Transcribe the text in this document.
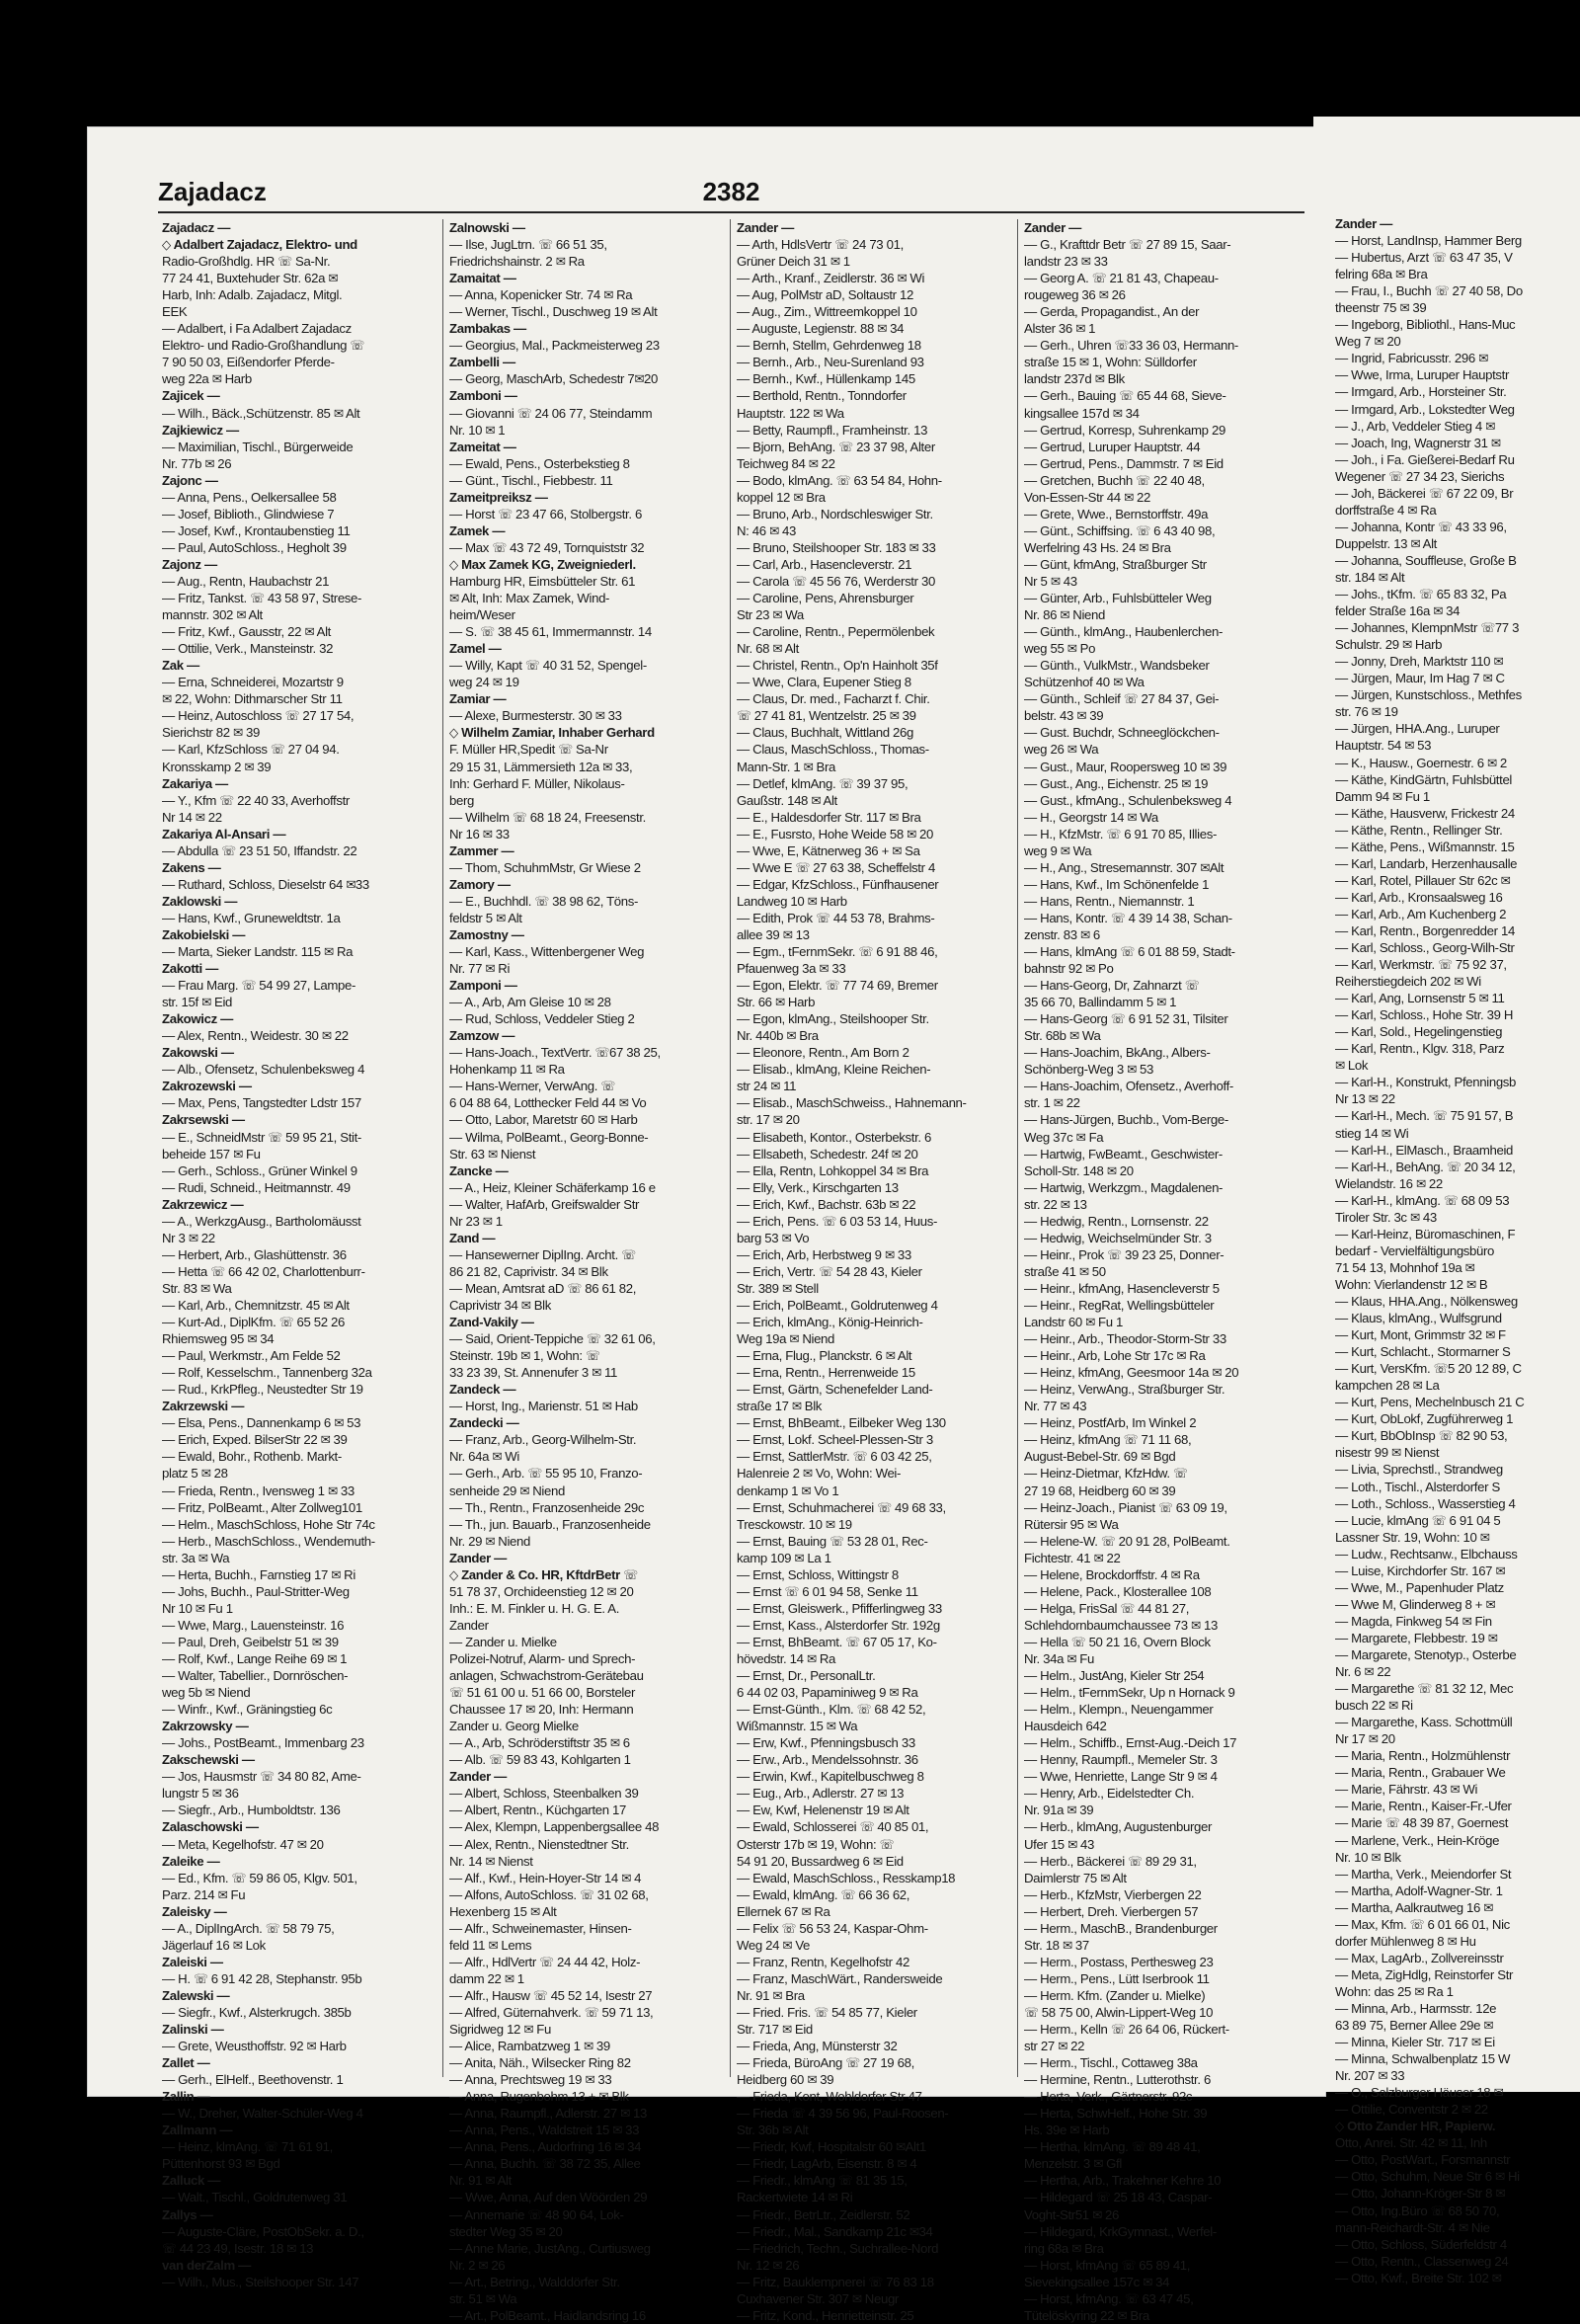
Zajadacz	2382
Zajadacz —
◇ Adalbert Zajadacz, Elektro- und
Radio-Großhdlg. HR ☏ Sa-Nr.
77 24 41, Buxtehuder Str. 62a ✉
Harb, Inh: Adalb. Zajadacz, Mitgl.
EEK
— Adalbert, i Fa Adalbert Zajadacz
Elektro- und Radio-Großhandlung ☏
7 90 50 03, Eißendorfer Pferde-
weg 22a ✉ Harb
Zajicek —
— Wilh., Bäck.,Schützenstr. 85 ✉ Alt
Zajkiewicz —
— Maximilian, Tischl., Bürgerweide
Nr. 77b ✉ 26
Zajonc —
— Anna, Pens., Oelkersallee 58
— Josef, Biblioth., Glindwiese 7
— Josef, Kwf., Krontaubenstieg 11
— Paul, AutoSchloss., Hegholt 39
Zajonz —
— Aug., Rentn, Haubachstr 21
— Fritz, Tankst. ☏ 43 58 97, Strese-
mannstr. 302 ✉ Alt
— Fritz, Kwf., Gausstr, 22 ✉ Alt
— Ottilie, Verk., Mansteinstr. 32
Zak —
— Erna, Schneiderei, Mozartstr 9
✉ 22, Wohn: Dithmarscher Str 11
— Heinz, Autoschloss ☏ 27 17 54,
Sierichstr 82 ✉ 39
— Karl, KfzSchloss ☏ 27 04 94.
Kronsskamp 2 ✉ 39
Zakariya —
— Y., Kfm ☏ 22 40 33, Averhoffstr
Nr 14 ✉ 22
Zakariya Al-Ansari —
— Abdulla ☏ 23 51 50, Iffandstr. 22
Zakens —
— Ruthard, Schloss, Dieselstr 64 ✉33
Zaklowski —
— Hans, Kwf., Gruneweldtstr. 1a
Zakobielski —
— Marta, Sieker Landstr. 115 ✉ Ra
Zakotti —
— Frau Marg. ☏ 54 99 27, Lampe-
str. 15f ✉ Eid
Zakowicz —
— Alex, Rentn., Weidestr. 30 ✉ 22
Zakowski —
— Alb., Ofensetz, Schulenbeksweg 4
Zakrozewski —
— Max, Pens, Tangstedter Ldstr 157
Zakrsewski —
— E., SchneidMstr ☏ 59 95 21, Stit-
beheide 157 ✉ Fu
— Gerh., Schloss., Grüner Winkel 9
— Rudi, Schneid., Heitmannstr. 49
Zakrzewicz —
— A., WerkzgAusg., Bartholomäusst
Nr 3 ✉ 22
— Herbert, Arb., Glashüttenstr. 36
— Hetta ☏ 66 42 02, Charlottenburr-
Str. 83 ✉ Wa
— Karl, Arb., Chemnitzstr. 45 ✉ Alt
— Kurt-Ad., DiplKfm. ☏ 65 52 26
Rhiemsweg 95 ✉ 34
— Paul, Werkmstr., Am Felde 52
— Rolf, Kesselschm., Tannenberg 32a
— Rud., KrkPfleg., Neustedter Str 19
Zakrzewski —
— Elsa, Pens., Dannenkamp 6 ✉ 53
— Erich, Exped. BilserStr 22 ✉ 39
— Ewald, Bohr., Rothenb. Markt-
platz 5 ✉ 28
— Frieda, Rentn., Ivensweg 1 ✉ 33
— Fritz, PolBeamt., Alter Zollweg101
— Helm., MaschSchloss, Hohe Str 74c
— Herb., MaschSchloss., Wendemuth-
str. 3a ✉ Wa
— Herta, Buchh., Farnstieg 17 ✉ Ri
— Johs, Buchh., Paul-Stritter-Weg
Nr 10 ✉ Fu 1
— Wwe, Marg., Lauensteinstr. 16
— Paul, Dreh, Geibelstr 51 ✉ 39
— Rolf, Kwf., Lange Reihe 69 ✉ 1
— Walter, Tabellier., Dornröschen-
weg 5b ✉ Niend
— Winfr., Kwf., Gräningstieg 6c
Zakrzowsky —
— Johs., PostBeamt., Immenbarg 23
Zakschewski —
— Jos, Hausmstr ☏ 34 80 82, Ame-
lungstr 5 ✉ 36
— Siegfr., Arb., Humboldtstr. 136
Zalaschowski —
— Meta, Kegelhofstr. 47 ✉ 20
Zaleike —
— Ed., Kfm. ☏ 59 86 05, Klgv. 501,
Parz. 214 ✉ Fu
Zaleisky —
— A., DiplIngArch. ☏ 58 79 75,
Jägerlauf 16 ✉ Lok
Zaleiski —
— H. ☏ 6 91 42 28, Stephanstr. 95b
Zalewski —
— Siegfr., Kwf., Alsterkrugch. 385b
Zalinski —
— Grete, Weusthoffstr. 92 ✉ Harb
Zallet —
— Gerh., ElHelf., Beethovenstr. 1
Zallin —
— W., Dreher, Walter-Schüler-Weg 4
Zallmann —
— Heinz, klmAng. ☏ 71 61 91,
Püttenhorst 93 ✉ Bgd
Zalluck —
— Walt., Tischl., Goldrutenweg 31
Zallys —
— Auguste-Cläre, PostObSekr. a. D.,
☏ 44 23 49, Isestr. 18 ✉ 13
van derZalm —
— Wilh., Mus., Steilshooper Str. 147
Zalnowski —
— Ilse, JugLtrn. ☏ 66 51 35,
Friedrichshainstr. 2 ✉ Ra
Zamaitat —
— Anna, Kopenicker Str. 74 ✉ Ra
— Werner, Tischl., Duschweg 19 ✉ Alt
Zambakas —
— Georgius, Mal., Packmeisterweg 23
Zambelli —
— Georg, MaschArb, Schedestr 7✉20
Zamboni —
— Giovanni ☏ 24 06 77, Steindamm
Nr. 10 ✉ 1
Zameitat —
— Ewald, Pens., Osterbekstieg 8
— Günt., Tischl., Fiebbestr. 11
Zameitpreiksz —
— Horst ☏ 23 47 66, Stolbergstr. 6
Zamek —
— Max ☏ 43 72 49, Tornquiststr 32
◇ Max Zamek KG, Zweigniederl.
Hamburg HR, Eimsbütteler Str. 61
✉ Alt, Inh: Max Zamek, Wind-
heim/Weser
— S. ☏ 38 45 61, Immermannstr. 14
Zamel —
— Willy, Kapt ☏ 40 31 52, Spengel-
weg 24 ✉ 19
Zamiar —
— Alexe, Burmesterstr. 30 ✉ 33
◇ Wilhelm Zamiar, Inhaber Gerhard
F. Müller HR,Spedit ☏ Sa-Nr
29 15 31, Lämmersieth 12a ✉ 33,
Inh: Gerhard F. Müller, Nikolaus-
berg
— Wilhelm ☏ 68 18 24, Freesenstr.
Nr 16 ✉ 33
Zammer —
— Thom, SchuhmMstr, Gr Wiese 2
Zamory —
— E., Buchhdl. ☏ 38 98 62, Töns-
feldstr 5 ✉ Alt
Zamostny —
— Karl, Kass., Wittenbergener Weg
Nr. 77 ✉ Ri
Zamponi —
— A., Arb, Am Gleise 10 ✉ 28
— Rud, Schloss, Veddeler Stieg 2
Zamzow —
— Hans-Joach., TextVertr. ☏67 38 25,
Hohenkamp 11 ✉ Ra
— Hans-Werner, VerwAng. ☏
6 04 88 64, Lotthecker Feld 44 ✉ Vo
— Otto, Labor, Maretstr 60 ✉ Harb
— Wilma, PolBeamt., Georg-Bonne-
Str. 63 ✉ Nienst
Zancke —
— A., Heiz, Kleiner Schäferkamp 16 e
— Walter, HafArb, Greifswalder Str
Nr 23 ✉ 1
Zand —
— Hansewerner DiplIng. Archt. ☏
86 21 82, Caprivistr. 34 ✉ Blk
— Mean, Amtsrat aD ☏ 86 61 82,
Caprivistr 34 ✉ Blk
Zand-Vakily —
— Said, Orient-Teppiche ☏ 32 61 06,
Steinstr. 19b ✉ 1, Wohn: ☏
33 23 39, St. Annenufer 3 ✉ 11
Zandeck —
— Horst, Ing., Marienstr. 51 ✉ Hab
Zandecki —
— Franz, Arb., Georg-Wilhelm-Str.
Nr. 64a ✉ Wi
— Gerh., Arb. ☏ 55 95 10, Franzo-
senheide 29 ✉ Niend
— Th., Rentn., Franzosenheide 29c
— Th., jun. Bauarb., Franzosenheide
Nr. 29 ✉ Niend
Zander —
◇ Zander & Co. HR, KftdrBetr ☏
51 78 37, Orchideenstieg 12 ✉ 20
Inh.: E. M. Finkler u. H. G. E. A.
Zander
— Zander u. Mielke
Polizei-Notruf, Alarm- und Sprech-
anlagen, Schwachstrom-Gerätebau
☏ 51 61 00 u. 51 66 00, Borsteler
Chaussee 17 ✉ 20, Inh: Hermann
Zander u. Georg Mielke
— A., Arb, Schröderstiftstr 35 ✉ 6
— Alb. ☏ 59 83 43, Kohlgarten 1
Zander —
— Albert, Schloss, Steenbalken 39
— Albert, Rentn., Küchgarten 17
— Alex, Klempn, Lappenbergsallee 48
— Alex, Rentn., Nienstedtner Str.
Nr. 14 ✉ Nienst
— Alf., Kwf., Hein-Hoyer-Str 14 ✉ 4
— Alfons, AutoSchloss. ☏ 31 02 68,
Hexenberg 15 ✉ Alt
— Alfr., Schweinemaster, Hinsen-
feld 11 ✉ Lems
— Alfr., HdlVertr ☏ 24 44 42, Holz-
damm 22 ✉ 1
— Alfr., Hausw ☏ 45 52 14, Isestr 27
— Alfred, Güternahverk. ☏ 59 71 13,
Sigridweg 12 ✉ Fu
— Alice, Rambatzweg 1 ✉ 39
— Anita, Näh., Wilsecker Ring 82
— Anna, Prechtsweg 19 ✉ 33
— Anna, Rugenbohm 13 + ✉ Blk
— Anna, Raumpfl., Adlerstr. 27 ✉ 13
— Anna, Pens., Waldstreit 15 ✉ 33
— Anna, Pens., Audorfring 16 ✉ 34
— Anna, Buchh. ☏ 38 72 35, Allee
Nr. 91 ✉ Alt
— Wwe, Anna, Auf den Wöörden 29
— Annemarie ☏ 48 90 64, Lok-
stedter Weg 35 ✉ 20
— Anne Marie, JustAng., Curtiusweg
Nr. 2 ✉ 26
— Art., Betring., Walddörfer Str.
str. 51 ✉ Wa
— Art., PolBeamt., Haidlandsring 16
Zander —
— Arth, HdlsVertr ☏ 24 73 01,
Grüner Deich 31 ✉ 1
— Arth., Kranf., Zeidlerstr. 36 ✉ Wi
— Aug, PolMstr aD, Soltaustr 12
— Aug., Zim., Wittreemkoppel 10
— Auguste, Legienstr. 88 ✉ 34
— Bernh, Stellm, Gehrdenweg 18
— Bernh., Arb., Neu-Surenland 93
— Bernh., Kwf., Hüllenkamp 145
— Berthold, Rentn., Tonndorfer
Hauptstr. 122 ✉ Wa
— Betty, Raumpfl., Framheinstr. 13
— Bjorn, BehAng. ☏ 23 37 98, Alter
Teichweg 84 ✉ 22
— Bodo, klmAng. ☏ 63 54 84, Hohn-
koppel 12 ✉ Bra
— Bruno, Arb., Nordschleswiger Str.
N: 46 ✉ 43
— Bruno, Steilshooper Str. 183 ✉ 33
— Carl, Arb., Hasencleverstr. 21
— Carola ☏ 45 56 76, Werderstr 30
— Caroline, Pens, Ahrensburger
Str 23 ✉ Wa
— Caroline, Rentn., Pepermölenbek
Nr. 68 ✉ Alt
— Christel, Rentn., Op'n Hainholt 35f
— Wwe, Clara, Eupener Stieg 8
— Claus, Dr. med., Facharzt f. Chir.
☏ 27 41 81, Wentzelstr. 25 ✉ 39
— Claus, Buchhalt, Wittland 26g
— Claus, MaschSchloss., Thomas-
Mann-Str. 1 ✉ Bra
— Detlef, klmAng. ☏ 39 37 95,
Gaußstr. 148 ✉ Alt
— E., Haldesdorfer Str. 117 ✉ Bra
— E., Fusrsto, Hohe Weide 58 ✉ 20
— Wwe, E, Kätnerweg 36 + ✉ Sa
— Wwe E ☏ 27 63 38, Scheffelstr 4
— Edgar, KfzSchloss., Fünfhausener
Landweg 10 ✉ Harb
— Edith, Prok ☏ 44 53 78, Brahms-
allee 39 ✉ 13
— Egm., tFernmSekr. ☏ 6 91 88 46,
Pfauenweg 3a ✉ 33
— Egon, Elektr. ☏ 77 74 69, Bremer
Str. 66 ✉ Harb
— Egon, klmAng., Steilshooper Str.
Nr. 440b ✉ Bra
— Eleonore, Rentn., Am Born 2
— Elisab., klmAng, Kleine Reichen-
str 24 ✉ 11
— Elisab., MaschSchweiss., Hahnemann-
str. 17 ✉ 20
— Elisabeth, Kontor., Osterbekstr. 6
— Ellsabeth, Schedestr. 24f ✉ 20
— Ella, Rentn, Lohkoppel 34 ✉ Bra
— Elly, Verk., Kirschgarten 13
— Erich, Kwf., Bachstr. 63b ✉ 22
— Erich, Pens. ☏ 6 03 53 14, Huus-
barg 53 ✉ Vo
— Erich, Arb, Herbstweg 9 ✉ 33
— Erich, Vertr. ☏ 54 28 43, Kieler
Str. 389 ✉ Stell
— Erich, PolBeamt., Goldrutenweg 4
— Erich, klmAng., König-Heinrich-
Weg 19a ✉ Niend
— Erna, Flug., Planckstr. 6 ✉ Alt
— Erna, Rentn., Herrenweide 15
— Ernst, Gärtn, Schenefelder Land-
straße 17 ✉ Blk
— Ernst, BhBeamt., Eilbeker Weg 130
— Ernst, Lokf. Scheel-Plessen-Str 3
— Ernst, SattlerMstr. ☏ 6 03 42 25,
Halenreie 2 ✉ Vo, Wohn: Wei-
denkamp 1 ✉ Vo 1
— Ernst, Schuhmacherei ☏ 49 68 33,
Tresckowstr. 10 ✉ 19
— Ernst, Bauing ☏ 53 28 01, Rec-
kamp 109 ✉ La 1
— Ernst, Schloss, Wittingstr 8
— Ernst ☏ 6 01 94 58, Senke 11
— Ernst, Gleiswerk., Pfifferlingweg 33
— Ernst, Kass., Alsterdorfer Str. 192g
— Ernst, BhBeamt. ☏ 67 05 17, Ko-
hövedstr. 14 ✉ Ra
— Ernst, Dr., PersonalLtr.
6 44 02 03, Papaminiweg 9 ✉ Ra
— Ernst-Günth., Klm. ☏ 68 42 52,
Wißmannstr. 15 ✉ Wa
— Erw, Kwf., Pfenningsbusch 33
— Erw., Arb., Mendelssohnstr. 36
— Erwin, Kwf., Kapitelbuschweg 8
— Eug., Arb., Adlerstr. 27 ✉ 13
— Ew, Kwf, Helenenstr 19 ✉ Alt
— Ewald, Schlosserei ☏ 40 85 01,
Osterstr 17b ✉ 19, Wohn: ☏
54 91 20, Bussardweg 6 ✉ Eid
— Ewald, MaschSchloss., Resskamp18
— Ewald, klmAng. ☏ 66 36 62,
Ellernek 67 ✉ Ra
— Felix ☏ 56 53 24, Kaspar-Ohm-
Weg 24 ✉ Ve
— Franz, Rentn, Kegelhofstr 42
— Franz, MaschWärt., Randersweide
Nr. 91 ✉ Bra
— Fried. Fris. ☏ 54 85 77, Kieler
Str. 717 ✉ Eid
— Frieda, Ang, Münsterstr 32
— Frieda, BüroAng ☏ 27 19 68,
Heidberg 60 ✉ 39
— Frieda, Kont, Wohldorfer Str 47
— Frieda ☏ 4 39 56 96, Paul-Roosen-
Str. 36b ✉ Alt
— Friedr, Kwf, Hospitalstr 60 ✉Alt1
— Friedr, LagArb, Eisenstr. 8 ✉ 4
— Friedr., klmAng ☏ 81 35 15,
Rackertwiete 14 ✉ Ri
— Friedr., BetrLtr., Zeidlerstr. 52
— Friedr., Mal., Sandkamp 21c ✉34
— Friedrich, Techn., Suchrallee-Nord
Nr. 12 ✉ 26
— Fritz, Bauklempnerei ☏ 76 83 18
Cuxhavener Str. 307 ✉ Neugr
— Fritz, Kond., Henrietteinstr. 25
Zander —
— G., Krafttdr Betr ☏ 27 89 15, Saar-
landstr 23 ✉ 33
— Georg A. ☏ 21 81 43, Chapeau-
rougeweg 36 ✉ 26
— Gerda, Propagandist., An der
Alster 36 ✉ 1
— Gerh., Uhren ☏33 36 03, Hermann-
straße 15 ✉ 1, Wohn: Sülldorfer
landstr 237d ✉ Blk
— Gerh., Bauing ☏ 65 44 68, Sieve-
kingsallee 157d ✉ 34
— Gertrud, Korresp, Suhrenkamp 29
— Gertrud, Luruper Hauptstr. 44
— Gertrud, Pens., Dammstr. 7 ✉ Eid
— Gretchen, Buchh ☏ 22 40 48,
Von-Essen-Str 44 ✉ 22
— Grete, Wwe., Bernstorffstr. 49a
— Günt., Schiffsing. ☏ 6 43 40 98,
Werfelring 43 Hs. 24 ✉ Bra
— Günt, kfmAng, Straßburger Str
Nr 5 ✉ 43
— Günter, Arb., Fuhlsbütteler Weg
Nr. 86 ✉ Niend
— Günth., klmAng., Haubenlerchen-
weg 55 ✉ Po
— Günth., VulkMstr., Wandsbeker
Schützenhof 40 ✉ Wa
— Günth., Schleif ☏ 27 84 37, Gei-
belstr. 43 ✉ 39
— Gust. Buchdr, Schneeglöckchen-
weg 26 ✉ Wa
— Gust., Maur, Roopersweg 10 ✉ 39
— Gust., Ang., Eichenstr. 25 ✉ 19
— Gust., kfmAng., Schulenbeksweg 4
— H., Georgstr 14 ✉ Wa
— H., KfzMstr. ☏ 6 91 70 85, Illies-
weg 9 ✉ Wa
— H., Ang., Stresemannstr. 307 ✉Alt
— Hans, Kwf., Im Schönenfelde 1
— Hans, Rentn., Niemannstr. 1
— Hans, Kontr. ☏ 4 39 14 38, Schan-
zenstr. 83 ✉ 6
— Hans, klmAng ☏ 6 01 88 59, Stadt-
bahnstr 92 ✉ Po
— Hans-Georg, Dr, Zahnarzt ☏
35 66 70, Ballindamm 5 ✉ 1
— Hans-Georg ☏ 6 91 52 31, Tilsiter
Str. 68b ✉ Wa
— Hans-Joachim, BkAng., Albers-
Schönberg-Weg 3 ✉ 53
— Hans-Joachim, Ofensetz., Averhoff-
str. 1 ✉ 22
— Hans-Jürgen, Buchb., Vom-Berge-
Weg 37c ✉ Fa
— Hartwig, FwBeamt., Geschwister-
Scholl-Str. 148 ✉ 20
— Hartwig, Werkzgm., Magdalenen-
str. 22 ✉ 13
— Hedwig, Rentn., Lornsenstr. 22
— Hedwig, Weichselmünder Str. 3
— Heinr., Prok ☏ 39 23 25, Donner-
straße 41 ✉ 50
— Heinr., kfmAng, Hasencleverstr 5
— Heinr., RegRat, Wellingsbütteler
Landstr 60 ✉ Fu 1
— Heinr., Arb., Theodor-Storm-Str 33
— Heinr., Arb, Lohe Str 17c ✉ Ra
— Heinz, kfmAng, Geesmoor 14a ✉ 20
— Heinz, VerwAng., Straßburger Str.
Nr. 77 ✉ 43
— Heinz, PostfArb, Im Winkel 2
— Heinz, kfmAng ☏ 71 11 68,
August-Bebel-Str. 69 ✉ Bgd
— Heinz-Dietmar, KfzHdw. ☏
27 19 68, Heidberg 60 ✉ 39
— Heinz-Joach., Pianist ☏ 63 09 19,
Rütersir 95 ✉ Wa
— Helene-W. ☏ 20 91 28, PolBeamt.
Fichtestr. 41 ✉ 22
— Helene, Brockdorffstr. 4 ✉ Ra
— Helene, Pack., Klosterallee 108
— Helga, FrisSal ☏ 44 81 27,
Schlehdornbaumchaussee 73 ✉ 13
— Hella ☏ 50 21 16, Overn Block
Nr. 34a ✉ Fu
— Helm., JustAng, Kieler Str 254
— Helm., tFernmSekr, Up n Hornack 9
— Helm., Klempn., Neuengammer
Hausdeich 642
— Helm., Schiffb., Ernst-Aug.-Deich 17
— Henny, Raumpfl., Memeler Str. 3
— Wwe, Henriette, Lange Str 9 ✉ 4
— Henry, Arb., Eidelstedter Ch.
Nr. 91a ✉ 39
— Herb., klmAng, Augustenburger
Ufer 15 ✉ 43
— Herb., Bäckerei ☏ 89 29 31,
Daimlerstr 75 ✉ Alt
— Herb., KfzMstr, Vierbergen 22
— Herbert, Dreh. Vierbergen 57
— Herm., MaschB., Brandenburger
Str. 18 ✉ 37
— Herm., Postass, Perthesweg 23
— Herm., Pens., Lütt Iserbrook 11
— Herm. Kfm. (Zander u. Mielke)
☏ 58 75 00, Alwin-Lippert-Weg 10
— Herm., Kelln ☏ 26 64 06, Rückert-
str 27 ✉ 22
— Herm., Tischl., Cottaweg 38a
— Hermine, Rentn., Lutterothstr. 6
— Herta, Verk., Gärtnerstr. 92c
— Herta, SchwHelf., Hohe Str. 39
Hs. 39e ✉ Harb
— Hertha, klmAng. ☏ 89 48 41,
Menzelstr. 3 ✉ Gfl
— Hertha, Arb., Trakehner Kehre 10
— Hildegard ☏ 25 18 43, Caspar-
Voght-Str51 ✉ 26
— Hildegard, KrkGymnast., Werfel-
ring 68a ✉ Bra
— Horst, kfmAng ☏ 65 89 41,
Sievekingsallee 157c ✉ 34
— Horst, kfmAng. ☏ 63 47 45,
Tütelöskyring 22 ✉ Bra
Zander —
— Horst, LandInsp, Hammer Berg
— Hubertus, Arzt ☏ 63 47 35, V
felring 68a ✉ Bra
— Frau, I., Buchh ☏ 27 40 58, Do
theenstr 75 ✉ 39
— Ingeborg, Bibliothl., Hans-Muc
Weg 7 ✉ 20
— Ingrid, Fabricusstr. 296 ✉
— Wwe, Irma, Luruper Hauptstr
— Irmgard, Arb., Horsteiner Str.
— Irmgard, Arb., Lokstedter Weg
— J., Arb, Veddeler Stieg 4 ✉
— Joach, Ing, Wagnerstr 31 ✉
— Joh., i Fa. Gießerei-Bedarf Ru
Wegener ☏ 27 34 23, Sierichs
— Joh, Bäckerei ☏ 67 22 09, Br
dorffstraße 4 ✉ Ra
— Johanna, Kontr ☏ 43 33 96,
Duppelstr. 13 ✉ Alt
— Johanna, Souffleuse, Große B
str. 184 ✉ Alt
— Johs., tKfm. ☏ 65 83 32, Pa
felder Straße 16a ✉ 34
— Johannes, KlempnMstr ☏77 3
Schulstr. 29 ✉ Harb
— Jonny, Dreh, Marktstr 110 ✉
— Jürgen, Maur, Im Hag 7 ✉ C
— Jürgen, Kunstschloss., Methfes
str. 76 ✉ 19
— Jürgen, HHA.Ang., Luruper
Hauptstr. 54 ✉ 53
— K., Hausw., Goernestr. 6 ✉ 2
— Käthe, KindGärtn, Fuhlsbüttel
Damm 94 ✉ Fu 1
— Käthe, Hausverw, Frickestr 24
— Käthe, Rentn., Rellinger Str.
— Käthe, Pens., Wißmannstr. 15
— Karl, Landarb, Herzenhausalle
— Karl, Rotel, Pillauer Str 62c ✉
— Karl, Arb., Kronsaalsweg 16
— Karl, Arb., Am Kuchenberg 2
— Karl, Rentn., Borgenredder 14
— Karl, Schloss., Georg-Wilh-Str
— Karl, Werkmstr. ☏ 75 92 37,
Reiherstiegdeich 202 ✉ Wi
— Karl, Ang, Lornsenstr 5 ✉ 11
— Karl, Schloss., Hohe Str. 39 H
— Karl, Sold., Hegelingenstieg
— Karl, Rentn., Klgv. 318, Parz
✉ Lok
— Karl-H., Konstrukt, Pfenningsb
Nr 13 ✉ 22
— Karl-H., Mech. ☏ 75 91 57, B
stieg 14 ✉ Wi
— Karl-H., ElMasch., Braamheid
— Karl-H., BehAng. ☏ 20 34 12,
Wielandstr. 16 ✉ 22
— Karl-H., klmAng. ☏ 68 09 53
Tiroler Str. 3c ✉ 43
— Karl-Heinz, Büromaschinen, F
bedarf - Vervielfältigungsbüro
71 54 13, Mohnhof 19a ✉
Wohn: Vierlandenstr 12 ✉ B
— Klaus, HHA.Ang., Nölkensweg
— Klaus, klmAng., Wulfsgrund
— Kurt, Mont, Grimmstr 32 ✉ F
— Kurt, Schlacht., Stormarner S
— Kurt, VersKfm. ☏5 20 12 89, C
kampchen 28 ✉ La
— Kurt, Pens, Mechelnbusch 21 C
— Kurt, ObLokf, Zugführerweg 1
— Kurt, BbObInsp ☏ 82 90 53,
nisestr 99 ✉ Nienst
— Livia, Sprechstl., Strandweg
— Loth., Tischl., Alsterdorfer S
— Loth., Schloss., Wasserstieg 4
— Lucie, klmAng ☏ 6 91 04 5
Lassner Str. 19, Wohn: 10 ✉
— Ludw., Rechtsanw., Elbchauss
— Luise, Kirchdorfer Str. 167 ✉
— Wwe, M., Papenhuder Platz
— Wwe M, Glinderweg 8 + ✉
— Magda, Finkweg 54 ✉ Fin
— Margarete, Flebbestr. 19 ✉
— Margarete, Stenotyp., Osterbe
Nr. 6 ✉ 22
— Margarethe ☏ 81 32 12, Mec
busch 22 ✉ Ri
— Margarethe, Kass. Schottmüll
Nr 17 ✉ 20
— Maria, Rentn., Holzmühlenstr
— Maria, Rentn., Grabauer We
— Marie, Fährstr. 43 ✉ Wi
— Marie, Rentn., Kaiser-Fr.-Ufer
— Marie ☏ 48 39 87, Goernest
— Marlene, Verk., Hein-Kröge
Nr. 10 ✉ Blk
— Martha, Verk., Meiendorfer St
— Martha, Adolf-Wagner-Str. 1
— Martha, Aalkrautweg 16 ✉
— Max, Kfm. ☏ 6 01 66 01, Nic
dorfer Mühlenweg 8 ✉ Hu
— Max, LagArb., Zollvereinsstr
— Meta, ZigHdlg, Reinstorfer Str
Wohn: das 25 ✉ Ra 1
— Minna, Arb., Harmsstr. 12e
63 89 75, Berner Allee 29e ✉
— Minna, Kieler Str. 717 ✉ Ei
— Minna, Schwalbenplatz 15 W
Nr. 207 ✉ 33
— O., Salzburger Häuser 18 ✉
— Ottilie, Conventstr 2 ✉ 22
◇ Otto Zander HR, Papierw.
Otto, Anrei. Str. 42 ✉ 11, Inh
— Otto, PostWart., Forsmannstr
— Otto, Schuhm, Neue Str 6 ✉ Hi
— Otto, Johann-Kröger-Str 8 ✉
— Otto, Ing.Büro ☏ 68 50 70,
mann-Reichardt-Str. 4 ✉ Nie
— Otto, Schloss, Süderfeldstr 4
— Otto, Rentn., Classenweg 24
— Otto, Kwf., Breite Str. 102 ✉
